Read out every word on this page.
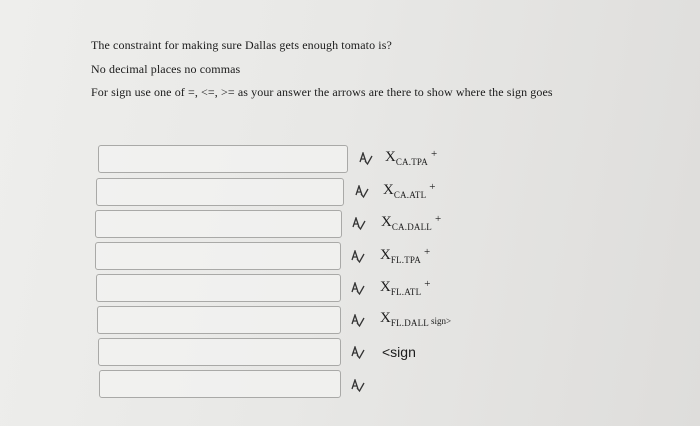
The constraint for making sure Dallas gets enough tomato is?
No decimal places no commas
For sign use one of =, <=, >= as your answer the arrows are there to show where the sign goes
$X_{CA.TPA}^+$
$X_{CA.ATL}^+$
$X_{CA.DALL}^+$
$X_{FL.TPA}^+$
$X_{FL.ATL}^+$
$X_{FL.DALL}$ sign>
<sign
